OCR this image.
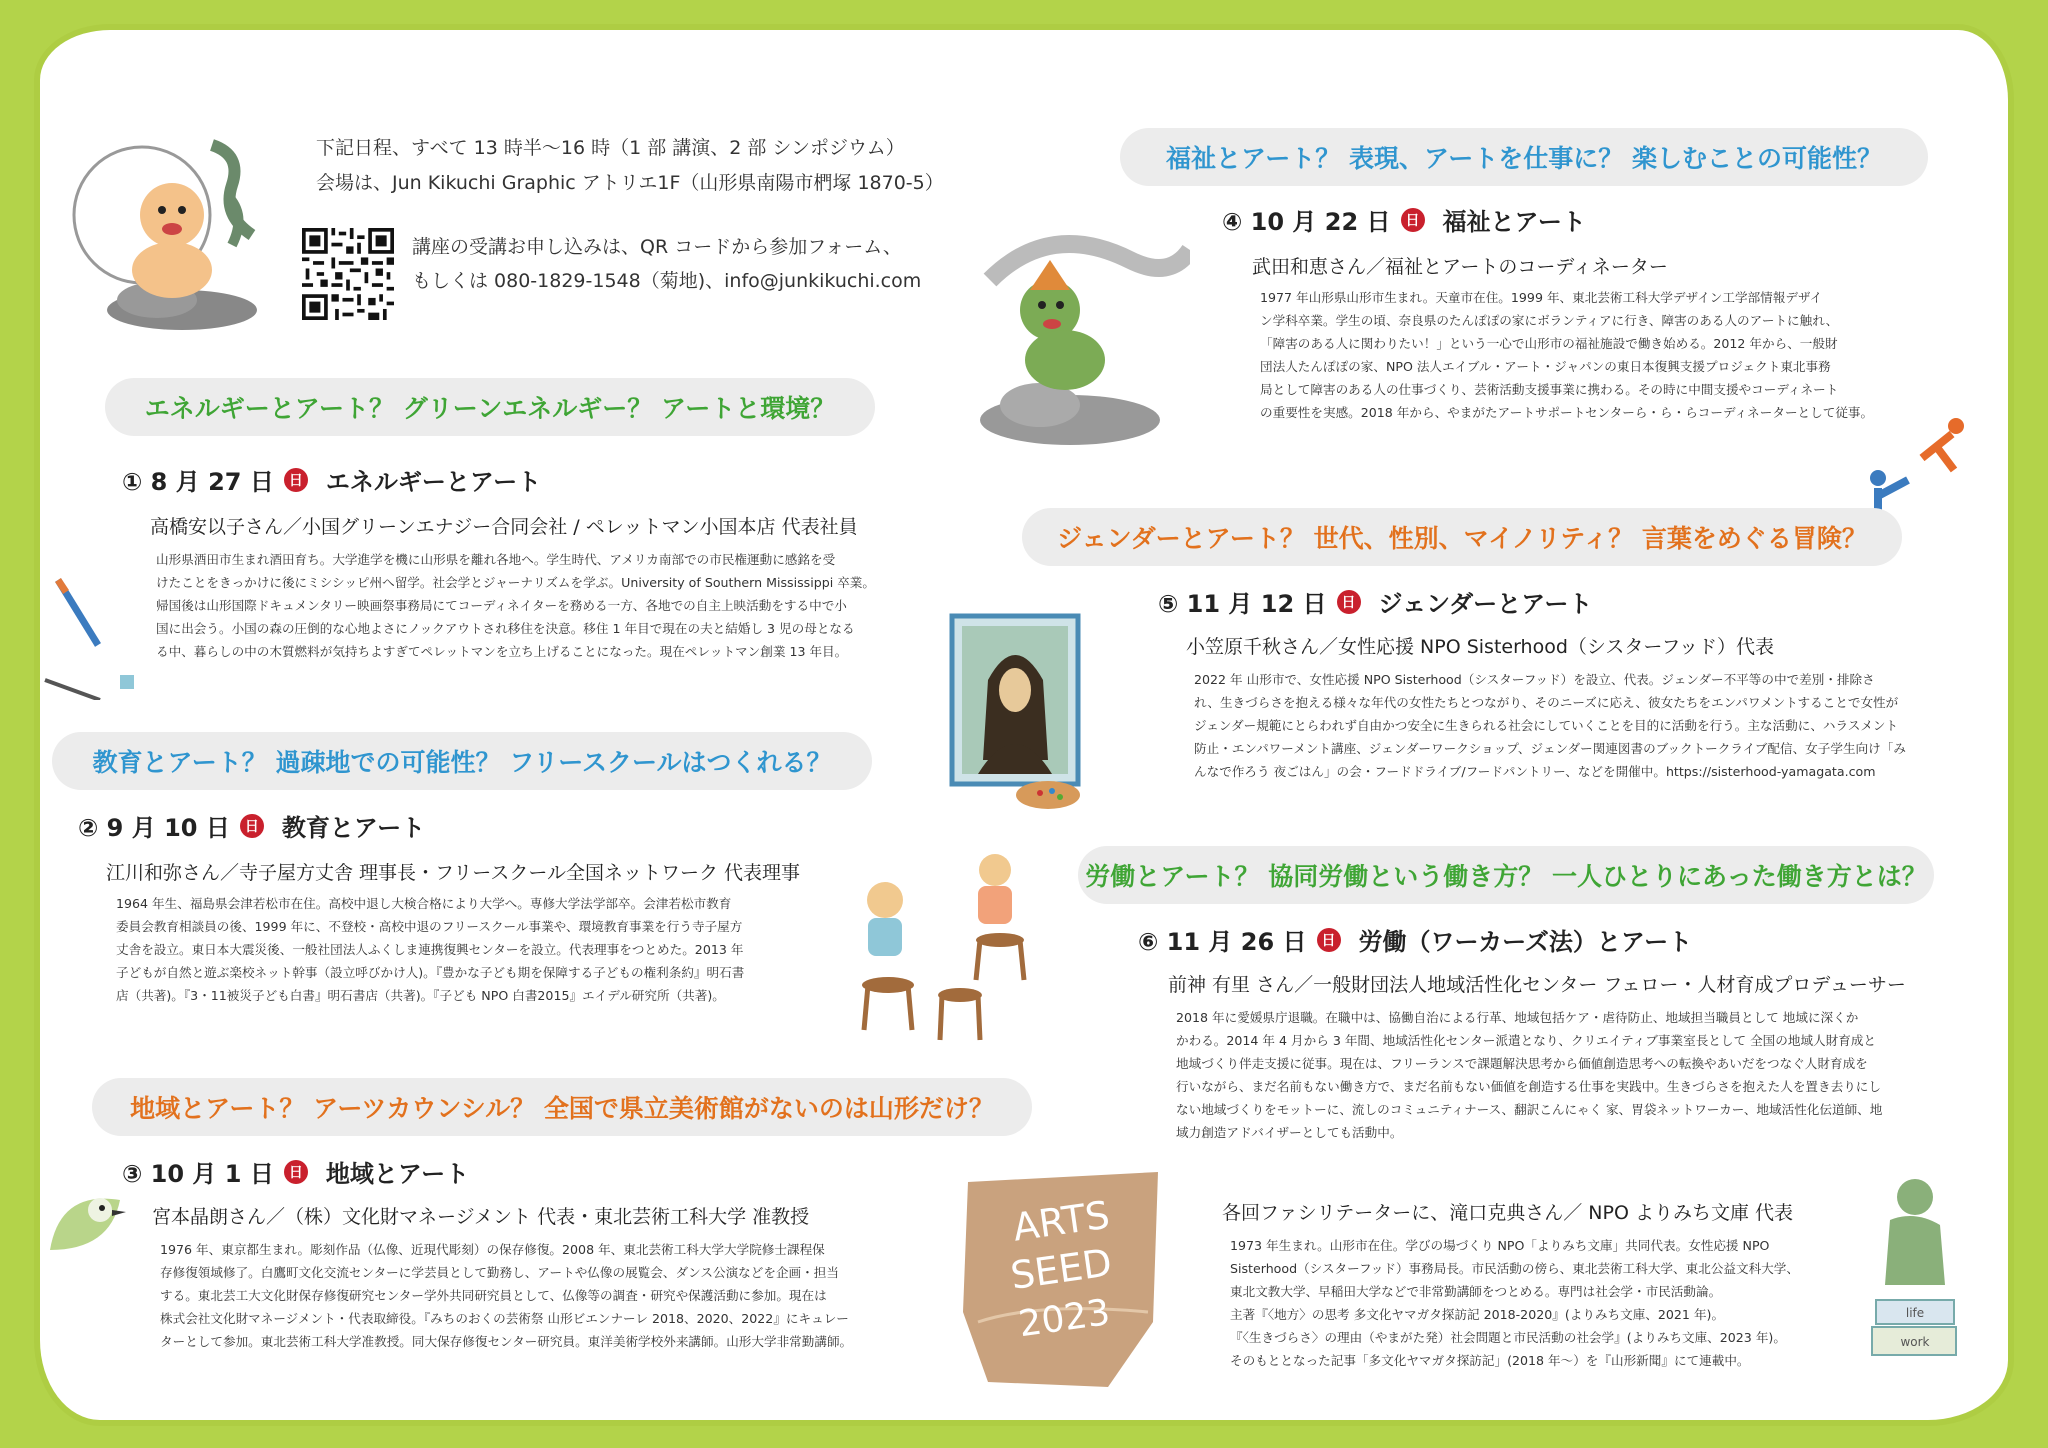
下記日程、すべて 13 時半〜16 時（1 部 講演、2 部 シンポジウム）
会場は、Jun Kikuchi Graphic アトリエ1F（山形県南陽市椚塚 1870-5）
講座の受講お申し込みは、QR コードから参加フォーム、
もしくは 080-1829-1548（菊地)、info@junkikuchi.com
life
work
エネルギーとアート？ グリーンエネルギー？ アートと環境？
教育とアート？ 過疎地での可能性？ フリースクールはつくれる？
地域とアート？ アーツカウンシル？ 全国で県立美術館がないのは山形だけ？
福祉とアート？ 表現、アートを仕事に？ 楽しむことの可能性？
ジェンダーとアート？ 世代、性別、マイノリティ？ 言葉をめぐる冒険？
労働とアート？ 協同労働という働き方？ 一人ひとりにあった働き方とは？
① 8 月 27 日	日 エネルギー とアート
高橋安以子さん／小国グリーンエナジー合同会社 / ペレットマン小国本店 代表社員
山形県酒田市生まれ酒田育ち。大学進学を機に山形県を離れ各地へ。学生時代、アメリカ南部での市民権運動に感銘を受
けたことをきっかけに後にミシシッピ州へ留学。社会学とジャーナリズムを学ぶ。University of Southern Mississippi 卒業。
帰国後は山形国際ドキュメンタリー映画祭事務局にてコーディネイターを務める一方、各地での自主上映活動をする中で小
国に出会う。小国の森の圧倒的な心地よさにノックアウトされ移住を決意。移住 1 年目で現在の夫と結婚し 3 児の母となる
る中、暮らしの中の木質燃料が気持ちよすぎてペレットマンを立ち上げることになった。現在ペレットマン創業 13 年目。
② 9 月 10 日	日 教育 とアート
江川和弥さん／寺子屋方丈舎 理事長・フリースクール全国ネットワーク 代表理事
1964 年生、福島県会津若松市在住。高校中退し大検合格により大学へ。専修大学法学部卒。会津若松市教育
委員会教育相談員の後、1999 年に、不登校・高校中退のフリースクール事業や、環境教育事業を行う寺子屋方
丈舎を設立。東日本大震災後、一般社団法人ふくしま連携復興センターを設立。代表理事をつとめた。2013 年
子どもが自然と遊ぶ楽校ネット幹事（設立呼びかけ人)。『豊かな子ども期を保障する子どもの権利条約』明石書
店（共著)。『3・11被災子ども白書』明石書店（共著)。『子ども NPO 白書2015』エイデル研究所（共著)。
③ 10 月 1 日	日 地域 とアート
宮本晶朗さん／（株）文化財マネージメント 代表・東北芸術工科大学 准教授
1976 年、東京都生まれ。彫刻作品（仏像、近現代彫刻）の保存修復。2008 年、東北芸術工科大学大学院修士課程保
存修復領域修了。白鷹町文化交流センターに学芸員として勤務し、アートや仏像の展覧会、ダンス公演などを企画・担当
する。東北芸工大文化財保存修復研究センター学外共同研究員として、仏像等の調査・研究や保護活動に参加。現在は
株式会社文化財マネージメント・代表取締役。『みちのおくの芸術祭 山形ビエンナーレ 2018、2020、2022』にキュレー
ターとして参加。東北芸術工科大学准教授。同大保存修復センター研究員。東洋美術学校外来講師。山形大学非常勤講師。
④ 10 月 22 日	日 福祉 とアート
武田和恵さん／福祉とアートのコーディネーター
1977 年山形県山形市生まれ。天童市在住。1999 年、東北芸術工科大学デザイン工学部情報デザイ
ン学科卒業。学生の頃、奈良県のたんぽぽの家にボランティアに行き、障害のある人のアートに触れ、
「障害のある人に関わりたい！」という一心で山形市の福祉施設で働き始める。2012 年から、一般財
団法人たんぽぽの家、NPO 法人エイブル・アート・ジャパンの東日本復興支援プロジェクト東北事務
局として障害のある人の仕事づくり、芸術活動支援事業に携わる。その時に中間支援やコーディネート
の重要性を実感。2018 年から、やまがたアートサポートセンターら・ら・らコーディネーターとして従事。
⑤ 11 月 12 日	日 ジェンダー とアート
小笠原千秋さん／女性応援 NPO Sisterhood（シスターフッド）代表
2022 年 山形市で、女性応援 NPO Sisterhood（シスターフッド）を設立、代表。ジェンダー不平等の中で差別・排除さ
れ、生きづらさを抱える様々な年代の女性たちとつながり、そのニーズに応え、彼女たちをエンパワメントすることで女性が
ジェンダー規範にとらわれず自由かつ安全に生きられる社会にしていくことを目的に活動を行う。主な活動に、ハラスメント
防止・エンパワーメント講座、ジェンダーワークショップ、ジェンダー関連図書のブックトークライブ配信、女子学生向け「み
んなで作ろう 夜ごはん」の会・フードドライブ/フードパントリー、などを開催中。https://sisterhood-yamagata.com
⑥ 11 月 26 日	日 労働（ワーカーズ法） とアート
前神 有里 さん／一般財団法人地域活性化センター フェロー・人材育成プロデューサー
2018 年に愛媛県庁退職。在職中は、協働自治による行革、地域包括ケア・虐待防止、地域担当職員として 地域に深くか
かわる。2014 年 4 月から 3 年間、地域活性化センター派遣となり、クリエイティブ事業室長として 全国の地域人財育成と
地域づくり伴走支援に従事。現在は、フリーランスで課題解決思考から価値創造思考への転換やあいだをつなぐ人財育成を
行いながら、まだ名前もない働き方で、まだ名前もない価値を創造する仕事を実践中。生きづらさを抱えた人を置き去りにし
ない地域づくりをモットーに、流しのコミュニティナース、翻訳こんにゃく 家、胃袋ネットワーカー、地域活性化伝道師、地
域力創造アドバイザーとしても活動中。
各回ファシリテーターに、滝口克典さん／ NPO よりみち文庫 代表
1973 年生まれ。山形市在住。学びの場づくり NPO「よりみち文庫」共同代表。女性応援 NPO
Sisterhood（シスターフッド）事務局長。市民活動の傍ら、東北芸術工科大学、東北公益文科大学、
東北文教大学、早稲田大学などで非常勤講師をつとめる。専門は社会学・市民活動論。
主著『〈地方〉の思考 多文化ヤマガタ探訪記 2018-2020』(よりみち文庫、2021 年)。
『〈生きづらさ〉の理由（やまがた発）社会問題と市民活動の社会学』(よりみち文庫、2023 年)。
そのもととなった記事「多文化ヤマガタ探訪記」(2018 年〜）を『山形新聞』にて連載中。
ARTS
SEED
2023
